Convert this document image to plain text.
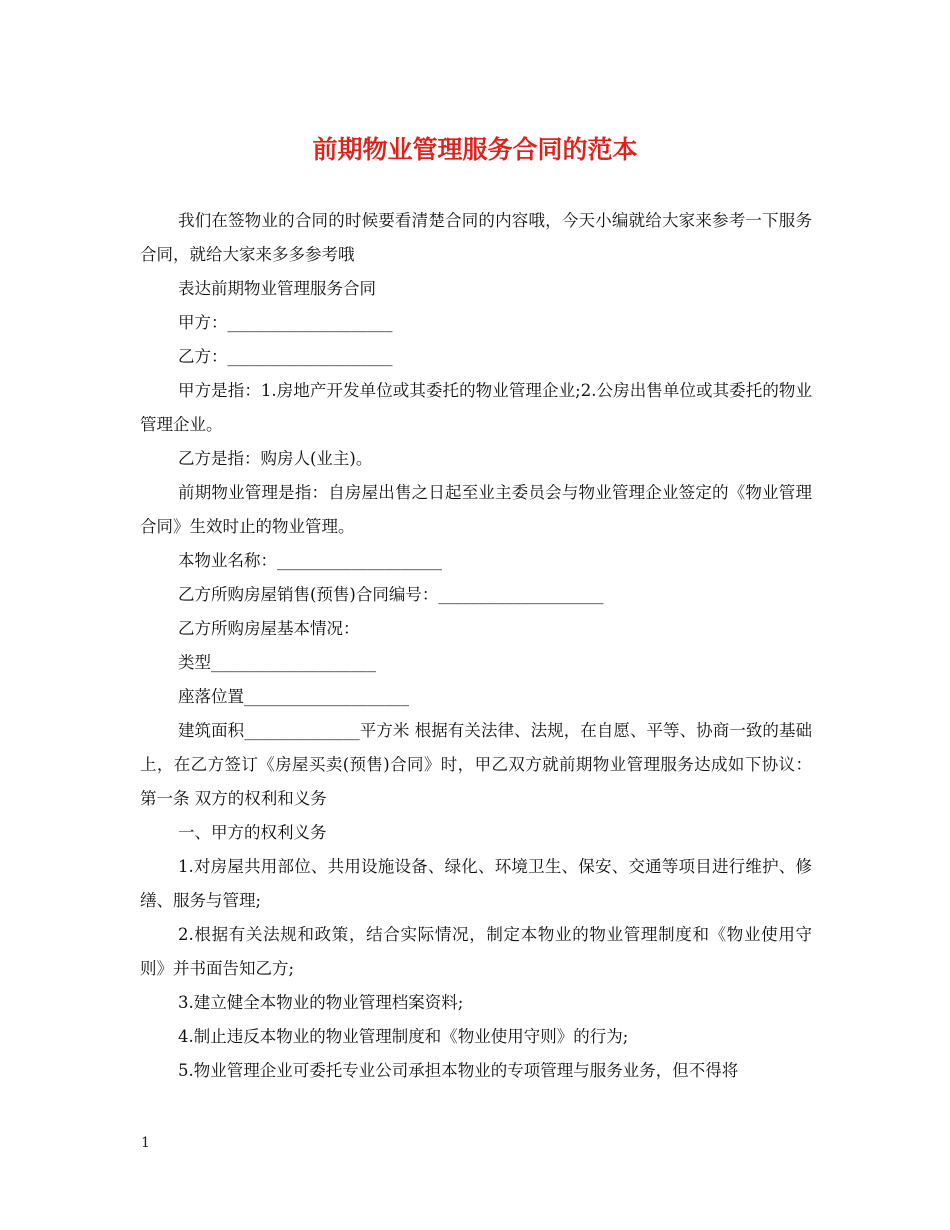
前期物业管理服务合同的范本

我们在签物业的合同的时候要看清楚合同的内容哦，今天小编就给大家来参考一下服务合同，就给大家来多多参考哦

表达前期物业管理服务合同

甲方：____________________

乙方：____________________

甲方是指：1.房地产开发单位或其委托的物业管理企业;2.公房出售单位或其委托的物业管理企业。

乙方是指：购房人(业主)。

前期物业管理是指：自房屋出售之日起至业主委员会与物业管理企业签定的《物业管理合同》生效时止的物业管理。

本物业名称：____________________

乙方所购房屋销售(预售)合同编号：____________________

乙方所购房屋基本情况：

类型____________________

座落位置____________________

建筑面积______________平方米 根据有关法律、法规，在自愿、平等、协商一致的基础上，在乙方签订《房屋买卖(预售)合同》时，甲乙双方就前期物业管理服务达成如下协议： 第一条 双方的权利和义务

一、甲方的权利义务

1.对房屋共用部位、共用设施设备、绿化、环境卫生、保安、交通等项目进行维护、修缮、服务与管理;

2.根据有关法规和政策，结合实际情况，制定本物业的物业管理制度和《物业使用守则》并书面告知乙方;

3.建立健全本物业的物业管理档案资料;

4.制止违反本物业的物业管理制度和《物业使用守则》的行为;

5.物业管理企业可委托专业公司承担本物业的专项管理与服务业务，但不得将

1
